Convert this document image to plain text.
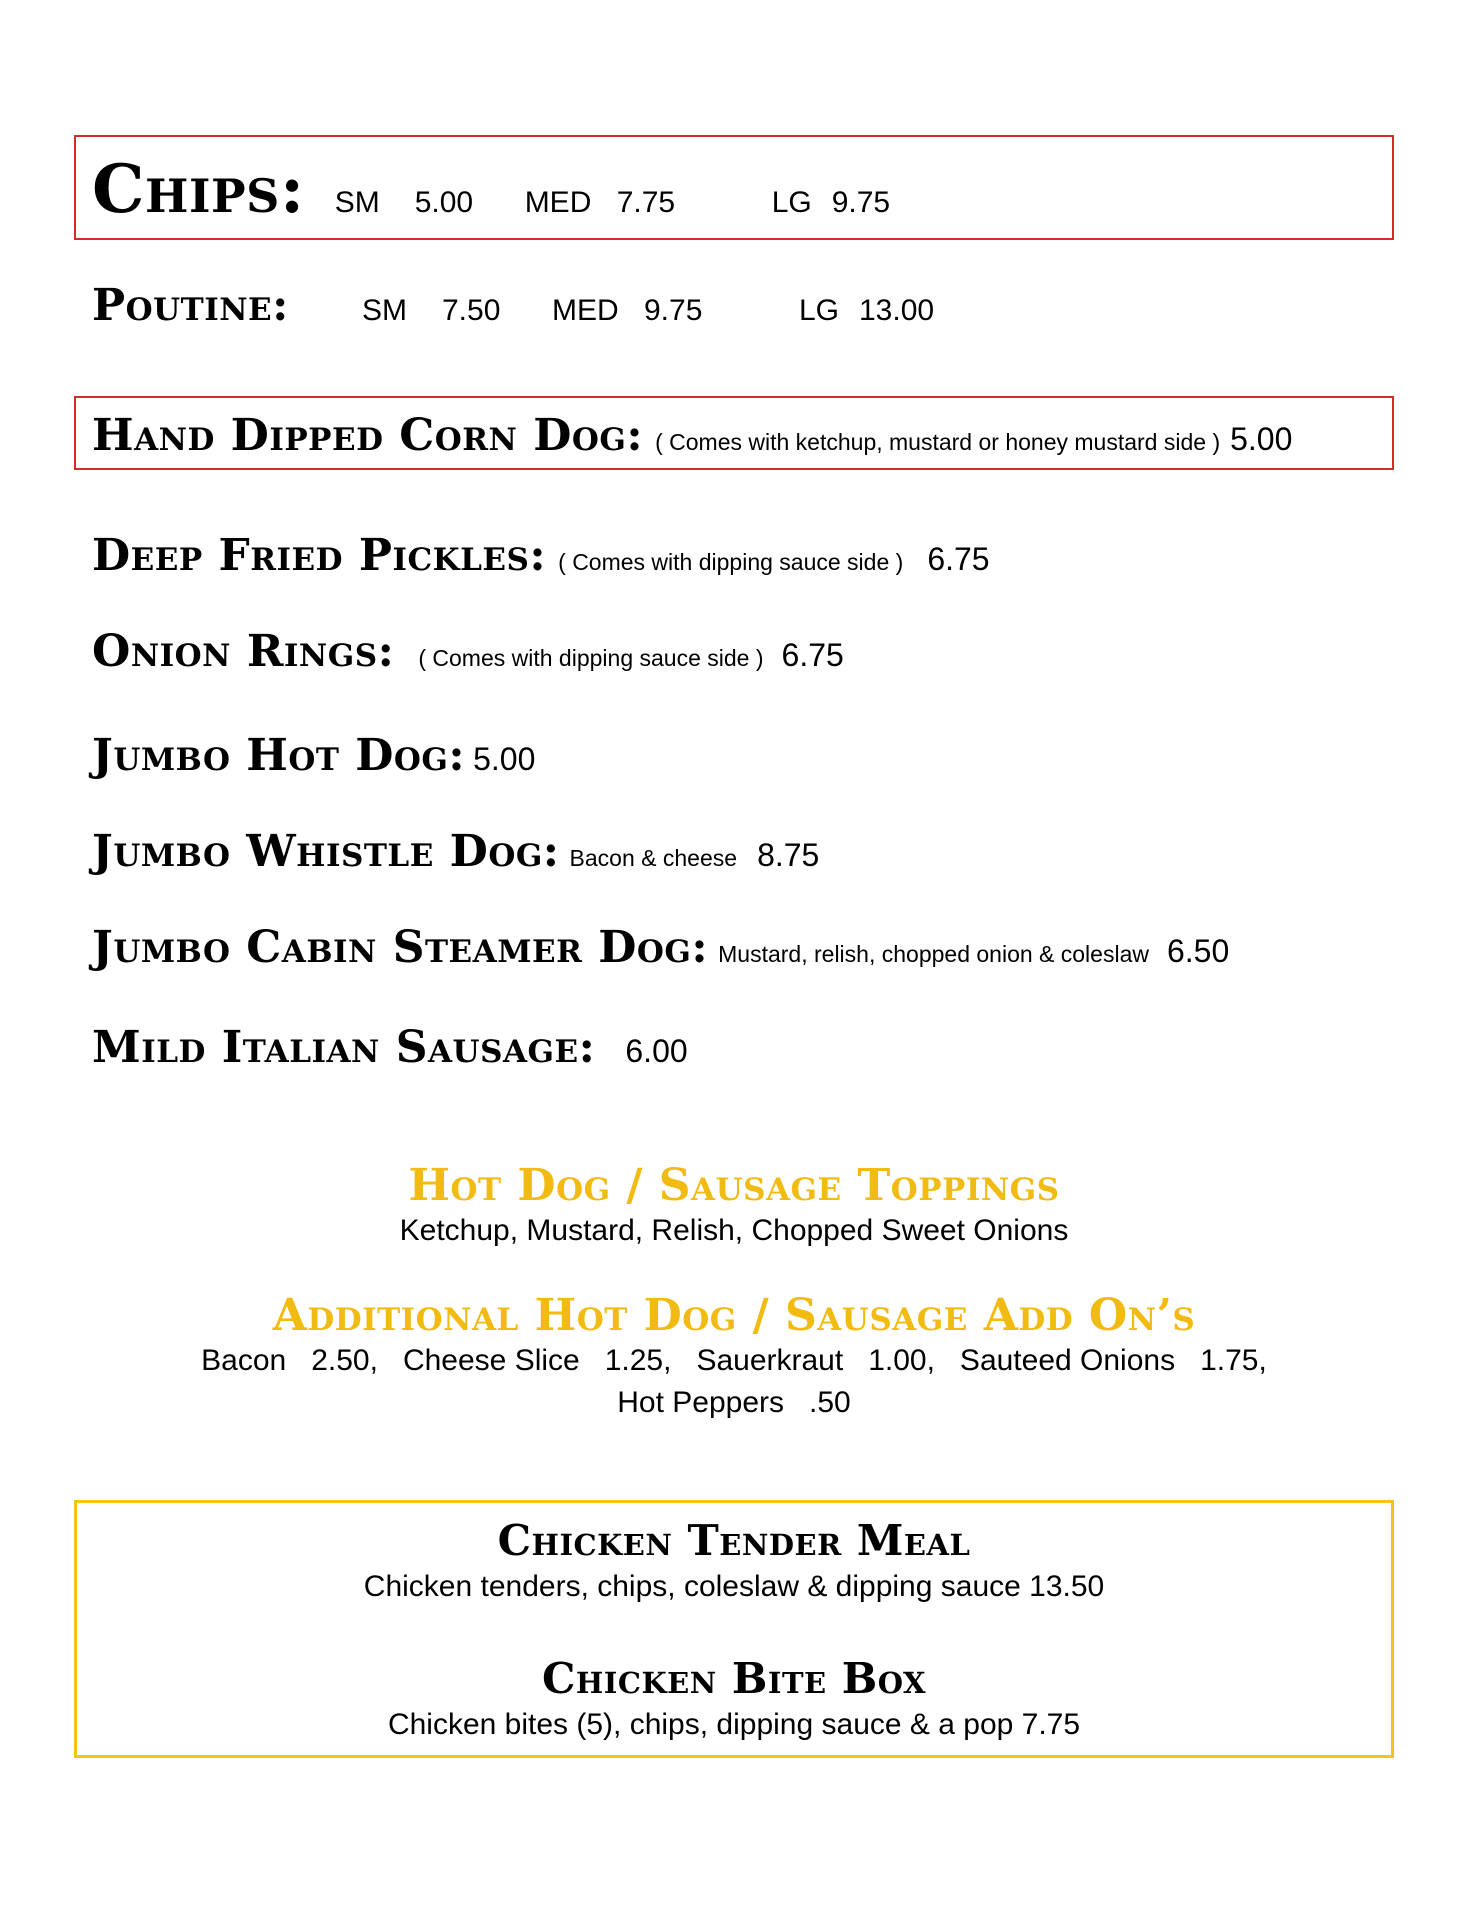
Chips: SM	5.00	MED 7.75	LG 9.75
Poutine:	SM	7.50	MED 9.75	LG 13.00
Hand Dipped Corn Dog: ( Comes with ketchup, mustard or honey mustard side ) 5.00
Deep Fried Pickles: ( Comes with dipping sauce side ) 6.75
Onion Rings: ( Comes with dipping sauce side ) 6.75
Jumbo Hot Dog: 5.00
Jumbo Whistle Dog: Bacon & cheese 8.75
Jumbo Cabin Steamer Dog: Mustard, relish, chopped onion & coleslaw 6.50
Mild Italian Sausage: 6.00
Hot Dog / Sausage Toppings
Ketchup, Mustard, Relish, Chopped Sweet Onions
Additional Hot Dog / Sausage Add On’s
Bacon   2.50,   Cheese Slice   1.25,   Sauerkraut   1.00,   Sauteed Onions   1.75,
Hot Peppers   .50
Chicken Tender Meal
Chicken tenders, chips, coleslaw & dipping sauce 13.50
Chicken Bite Box
Chicken bites (5), chips, dipping sauce & a pop 7.75
